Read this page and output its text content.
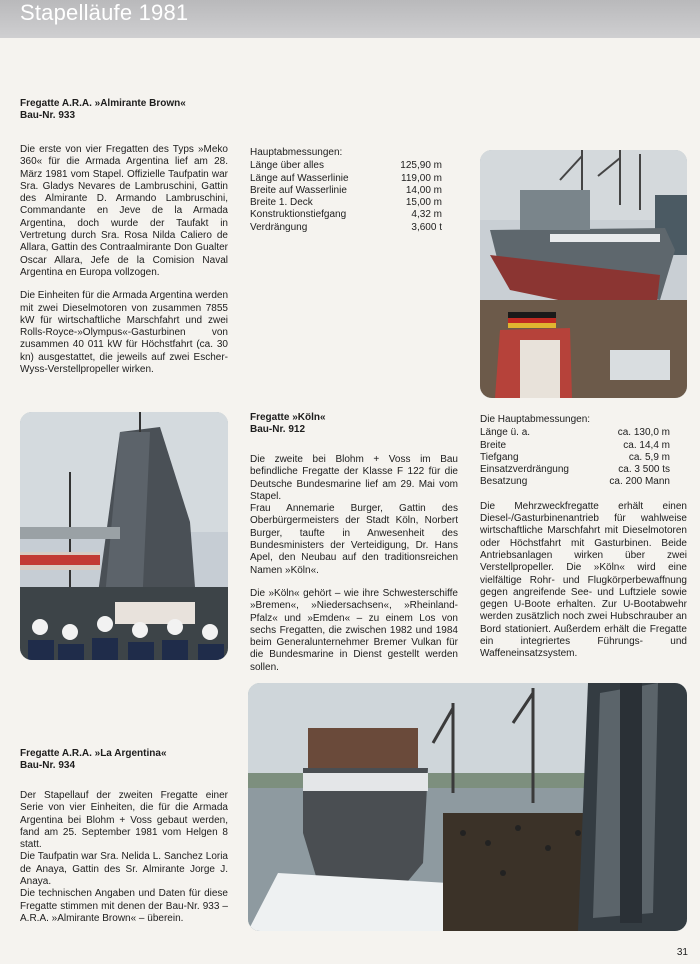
Stapelläufe 1981
Fregatte A.R.A. »Almirante Brown«
Bau-Nr. 933

Die erste von vier Fregatten des Typs »Meko 360« für die Armada Argentina lief am 28. März 1981 vom Stapel. Offizielle Taufpatin war Sra. Gladys Nevares de Lambruschini, Gattin des Almirante D. Armando Lambruschini, Commandante en Jeve de la Armada Argentina, doch wurde der Taufakt in Vertretung durch Sra. Rosa Nilda Caliero de Allara, Gattin des Contraalmirante Don Gualter Oscar Allara, Jefe de la Comision Naval Argentina en Europa vollzogen.

Die Einheiten für die Armada Argentina werden mit zwei Dieselmotoren von zusammen 7855 kW für wirtschaftliche Marschfahrt und zwei Rolls-Royce-»Olympus«-Gasturbinen von zusammen 40 011 kW für Höchstfahrt (ca. 30 kn) ausgestattet, die jeweils auf zwei Escher-Wyss-Verstellpropeller wirken.

Hauptabmessungen:
Länge über alles	125,90 m
Länge auf Wasserlinie	119,00 m
Breite auf Wasserlinie	14,00 m
Breite 1. Deck	15,00 m
Konstruktionstiefgang	4,32 m
Verdrängung	3,600 t
Fregatte »Köln«
Bau-Nr. 912

Die zweite bei Blohm + Voss im Bau befindliche Fregatte der Klasse F 122 für die Deutsche Bundesmarine lief am 29. Mai vom Stapel.

Frau Annemarie Burger, Gattin des Oberbürgermeisters der Stadt Köln, Norbert Burger, taufte in Anwesenheit des Bundesministers der Verteidigung, Dr. Hans Apel, den Neubau auf den traditionsreichen Namen »Köln«.

Die »Köln« gehört – wie ihre Schwesterschiffe »Bremen«, »Niedersachsen«, »Rheinland-Pfalz« und »Emden« – zu einem Los von sechs Fregatten, die zwischen 1982 und 1984 beim Generalunternehmer Bremer Vulkan für die Bundesmarine in Dienst gestellt werden sollen.

Die Hauptabmessungen:
Länge ü. a.	ca. 130,0 m
Breite	ca. 14,4 m
Tiefgang	ca. 5,9 m
Einsatzverdrängung	ca. 3 500 ts
Besatzung	ca. 200 Mann

Die Mehrzweckfregatte erhält einen Diesel-/Gasturbinenantrieb für wahlweise wirtschaftliche Marschfahrt mit Dieselmotoren oder Höchstfahrt mit Gasturbinen. Beide Antriebsanlagen wirken über zwei Verstellpropeller. Die »Köln« wird eine vielfältige Rohr- und Flugkörperbewaffnung gegen angreifende See- und Luftziele sowie gegen U-Boote erhalten. Zur U-Bootabwehr werden zusätzlich noch zwei Hubschrauber an Bord stationiert. Außerdem erhält die Fregatte ein integriertes Führungs- und Waffeneinsatzsystem.

Fregatte A.R.A. »La Argentina«
Bau-Nr. 934

Der Stapellauf der zweiten Fregatte einer Serie von vier Einheiten, die für die Armada Argentina bei Blohm + Voss gebaut werden, fand am 25. September 1981 vom Helgen 8 statt.

Die Taufpatin war Sra. Nelida L. Sanchez Loria de Anaya, Gattin des Sr. Almirante Jorge J. Anaya.

Die technischen Angaben und Daten für diese Fregatte stimmen mit denen der Bau-Nr. 933 – A.R.A. »Almirante Brown« – überein.

31
